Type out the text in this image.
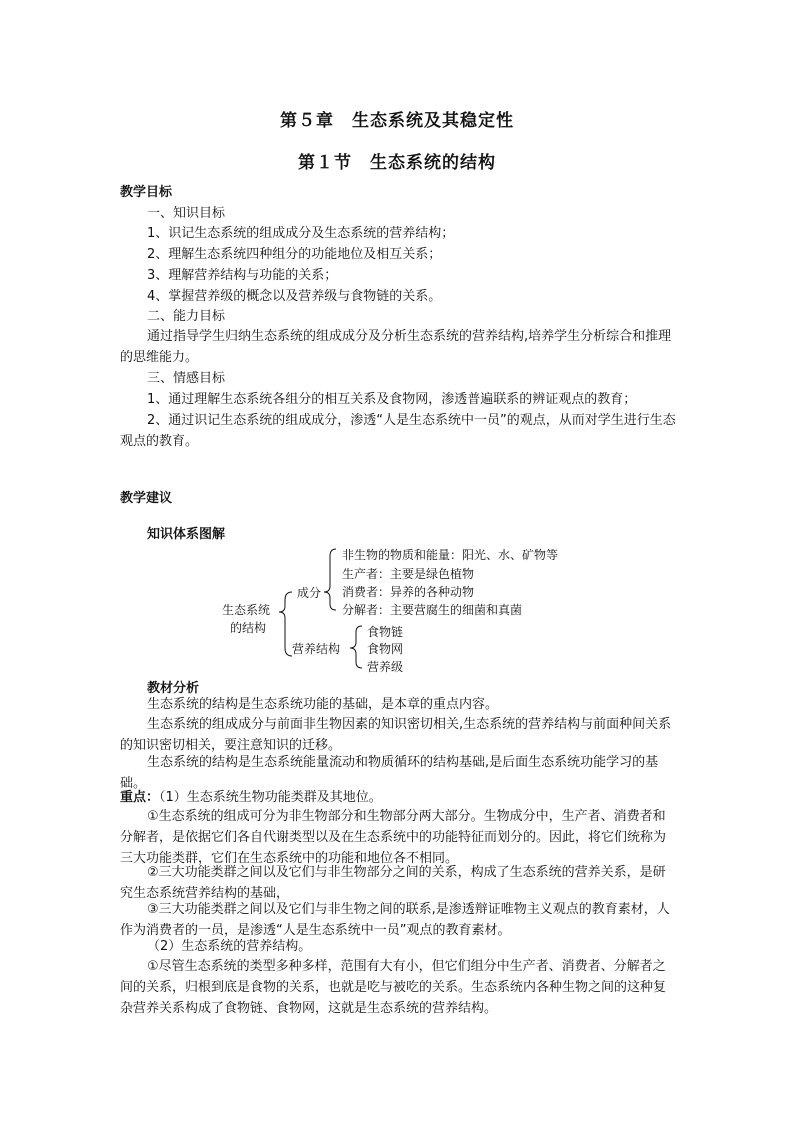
第５章　生态系统及其稳定性
第１节　生态系统的结构
教学目标
一、知识目标
1、识记生态系统的组成成分及生态系统的营养结构；
2、理解生态系统四种组分的功能地位及相互关系；
3、理解营养结构与功能的关系；
4、掌握营养级的概念以及营养级与食物链的关系。
二、能力目标
通过指导学生归纳生态系统的组成成分及分析生态系统的营养结构,培养学生分析综合和推理的思维能力。
三、情感目标
1、通过理解生态系统各组分的相互关系及食物网，渗透普遍联系的辨证观点的教育；
2、通过识记生态系统的组成成分，渗透“人是生态系统中一员”的观点，从而对学生进行生态观点的教育。
教学建议
知识体系图解
生态系统
的结构
成分
非生物的物质和能量：阳光、水、矿物等
生产者：主要是绿色植物
消费者：异养的各种动物
分解者：主要营腐生的细菌和真菌
营养结构
食物链
食物网
营养级
教材分析
生态系统的结构是生态系统功能的基础，是本章的重点内容。
生态系统的组成成分与前面非生物因素的知识密切相关,生态系统的营养结构与前面种间关系的知识密切相关，要注意知识的迁移。
生态系统的结构是生态系统能量流动和物质循环的结构基础,是后面生态系统功能学习的基础。
重点：（1）生态系统生物功能类群及其地位。
①生态系统的组成可分为非生物部分和生物部分两大部分。生物成分中，生产者、消费者和分解者，是依据它们各自代谢类型以及在生态系统中的功能特征而划分的。因此，将它们统称为三大功能类群，它们在生态系统中的功能和地位各不相同。
②三大功能类群之间以及它们与非生物部分之间的关系，构成了生态系统的营养关系，是研究生态系统营养结构的基础，
③三大功能类群之间以及它们与非生物之间的联系,是渗透辩证唯物主义观点的教育素材，人作为消费者的一员，是渗透“人是生态系统中一员”观点的教育素材。
（2）生态系统的营养结构。
①尽管生态系统的类型多种多样，范围有大有小，但它们组分中生产者、消费者、分解者之间的关系，归根到底是食物的关系，也就是吃与被吃的关系。生态系统内各种生物之间的这种复杂营养关系构成了食物链、食物网，这就是生态系统的营养结构。
